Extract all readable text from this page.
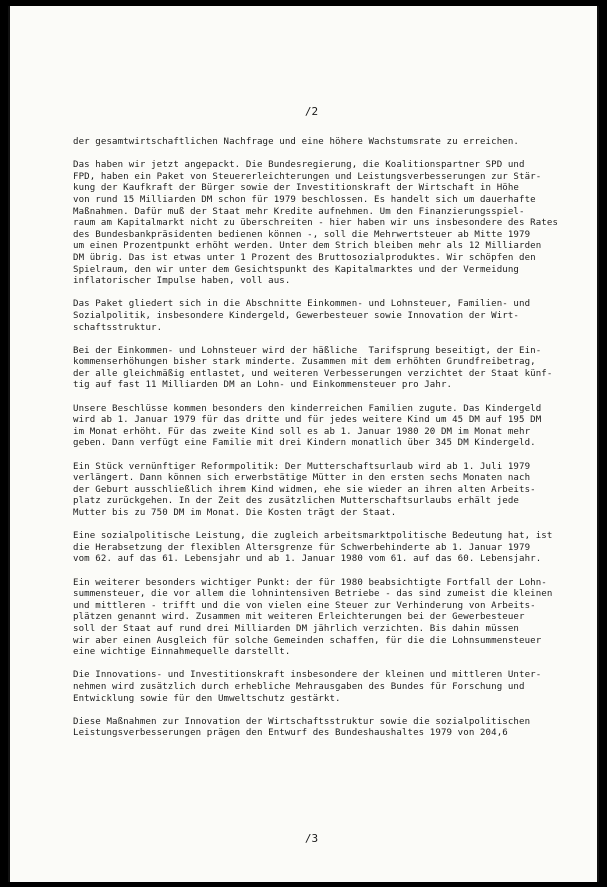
/2

der gesamtwirtschaftlichen Nachfrage und eine höhere Wachstumsrate zu erreichen.

Das haben wir jetzt angepackt. Die Bundesregierung, die Koalitionspartner SPD und
FPD, haben ein Paket von Steuererleichterungen und Leistungsverbesserungen zur Stär-
kung der Kaufkraft der Bürger sowie der Investitionskraft der Wirtschaft in Höhe
von rund 15 Milliarden DM schon für 1979 beschlossen. Es handelt sich um dauerhafte
Maßnahmen. Dafür muß der Staat mehr Kredite aufnehmen. Um den Finanzierungsspiel-
raum am Kapitalmarkt nicht zu überschreiten - hier haben wir uns insbesondere des Rates
des Bundesbankpräsidenten bedienen können -, soll die Mehrwertsteuer ab Mitte 1979
um einen Prozentpunkt erhöht werden. Unter dem Strich bleiben mehr als 12 Milliarden
DM übrig. Das ist etwas unter 1 Prozent des Bruttosozialproduktes. Wir schöpfen den
Spielraum, den wir unter dem Gesichtspunkt des Kapitalmarktes und der Vermeidung
inflatorischer Impulse haben, voll aus.

Das Paket gliedert sich in die Abschnitte Einkommen- und Lohnsteuer, Familien- und
Sozialpolitik, insbesondere Kindergeld, Gewerbesteuer sowie Innovation der Wirt-
schaftsstruktur.

Bei der Einkommen- und Lohnsteuer wird der häßliche  Tarifsprung beseitigt, der Ein-
kommenserhöhungen bisher stark minderte. Zusammen mit dem erhöhten Grundfreibetrag,
der alle gleichmäßig entlastet, und weiteren Verbesserungen verzichtet der Staat künf-
tig auf fast 11 Milliarden DM an Lohn- und Einkommensteuer pro Jahr.

Unsere Beschlüsse kommen besonders den kinderreichen Familien zugute. Das Kindergeld
wird ab 1. Januar 1979 für das dritte und für jedes weitere Kind um 45 DM auf 195 DM
im Monat erhöht. Für das zweite Kind soll es ab 1. Januar 1980 20 DM im Monat mehr
geben. Dann verfügt eine Familie mit drei Kindern monatlich über 345 DM Kindergeld.

Ein Stück vernünftiger Reformpolitik: Der Mutterschaftsurlaub wird ab 1. Juli 1979
verlängert. Dann können sich erwerbstätige Mütter in den ersten sechs Monaten nach
der Geburt ausschließlich ihrem Kind widmen, ehe sie wieder an ihren alten Arbeits-
platz zurückgehen. In der Zeit des zusätzlichen Mutterschaftsurlaubs erhält jede
Mutter bis zu 750 DM im Monat. Die Kosten trägt der Staat.

Eine sozialpolitische Leistung, die zugleich arbeitsmarktpolitische Bedeutung hat, ist
die Herabsetzung der flexiblen Altersgrenze für Schwerbehinderte ab 1. Januar 1979
vom 62. auf das 61. Lebensjahr und ab 1. Januar 1980 vom 61. auf das 60. Lebensjahr.

Ein weiterer besonders wichtiger Punkt: der für 1980 beabsichtigte Fortfall der Lohn-
summensteuer, die vor allem die lohnintensiven Betriebe - das sind zumeist die kleinen
und mittleren - trifft und die von vielen eine Steuer zur Verhinderung von Arbeits-
plätzen genannt wird. Zusammen mit weiteren Erleichterungen bei der Gewerbesteuer
soll der Staat auf rund drei Milliarden DM jährlich verzichten. Bis dahin müssen
wir aber einen Ausgleich für solche Gemeinden schaffen, für die die Lohnsummensteuer
eine wichtige Einnahmequelle darstellt.

Die Innovations- und Investitionskraft insbesondere der kleinen und mittleren Unter-
nehmen wird zusätzlich durch erhebliche Mehrausgaben des Bundes für Forschung und
Entwicklung sowie für den Umweltschutz gestärkt.

Diese Maßnahmen zur Innovation der Wirtschaftsstruktur sowie die sozialpolitischen
Leistungsverbesserungen prägen den Entwurf des Bundeshaushaltes 1979 von 204,6

/3
